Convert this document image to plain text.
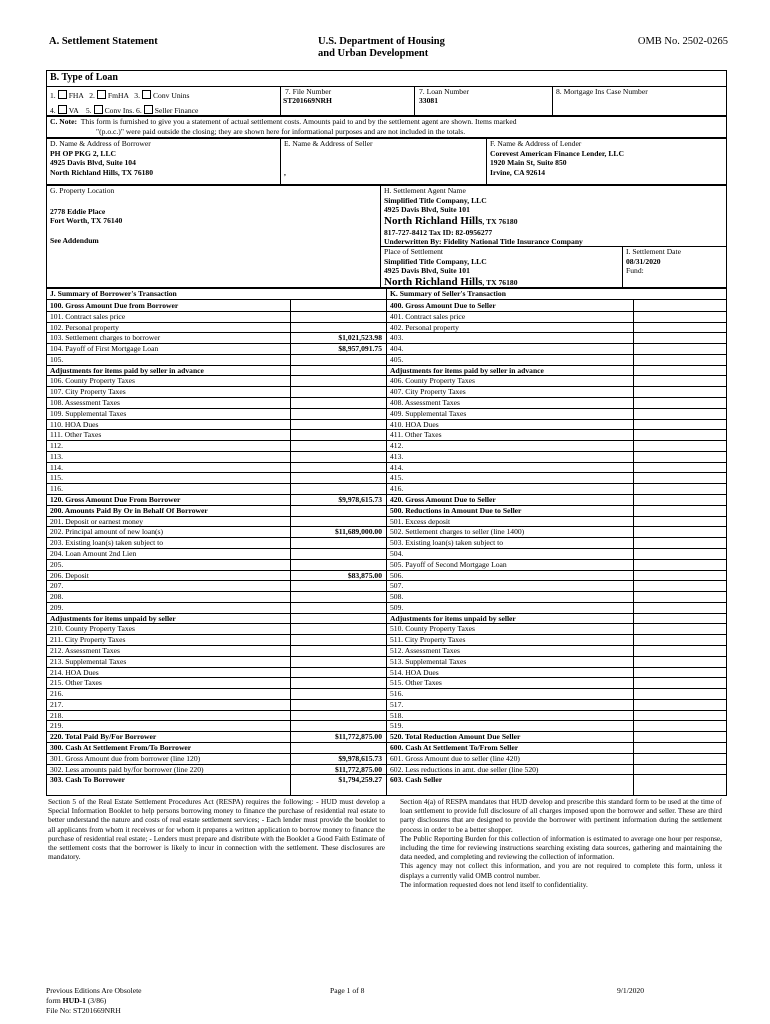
A. Settlement Statement	U.S. Department of Housing
and Urban Development
OMB No. 2502-0265
B. Type of Loan
1. FHA 2. FmHA 3. Conv Unins
4. VA 5. Conv Ins. 6. Seller Finance
7. File Number
ST201669NRH
7. Loan Number
33081
8. Mortgage Ins Case Number
C. Note: This form is furnished to give you a statement of actual settlement costs. Amounts paid to and by the settlement agent are shown. Items marked
"(p.o.c.)" were paid outside the closing; they are shown here for informational purposes and are not included in the totals.
D. Name & Address of Borrower
PH OP PKG 2, LLC
4925 Davis Blvd, Suite 104
North Richland Hills, TX 76180
E. Name & Address of Seller
,
F. Name & Address of Lender
Corevest American Finance Lender, LLC
1920 Main St, Suite 850
Irvine, CA 92614
G. Property Location
2778 Eddie Place
Fort Worth, TX 76140
See Addendum
H. Settlement Agent Name
Simplified Title Company, LLC
4925 Davis Blvd, Suite 101
North Richland Hills, TX 76180
817-727-8412 Tax ID: 82-0956277
Underwritten By: Fidelity National Title Insurance Company
Place of Settlement
Simplified Title Company, LLC
4925 Davis Blvd, Suite 101
North Richland Hills, TX 76180
I. Settlement Date
08/31/2020
Fund:
J. Summary of Borrower's Transaction	K. Summary of Seller's Transaction
100. Gross Amount Due from Borrower
101. Contract sales price
102. Personal property
103. Settlement charges to borrower	$1,021,523.98
104. Payoff of First Mortgage Loan	$8,957,091.75
105.
Adjustments for items paid by seller in advance
106. County Property Taxes
107. City Property Taxes
108. Assessment Taxes
109. Supplemental Taxes
110. HOA Dues
111. Other Taxes
112.
113.
114.
115.
116.
120. Gross Amount Due From Borrower	$9,978,615.73
200. Amounts Paid By Or in Behalf Of Borrower
201. Deposit or earnest money
202. Principal amount of new loan(s)	$11,689,000.00
203. Existing loan(s) taken subject to
204. Loan Amount 2nd Lien
205.
206. Deposit	$83,875.00
207.
208.
209.
Adjustments for items unpaid by seller
210. County Property Taxes
211. City Property Taxes
212. Assessment Taxes
213. Supplemental Taxes
214. HOA Dues
215. Other Taxes
216.
217.
218.
219.
220. Total Paid By/For Borrower	$11,772,875.00
300. Cash At Settlement From/To Borrower
301. Gross Amount due from borrower (line 120)	$9,978,615.73
302. Less amounts paid by/for borrower (line 220)	$11,772,875.00
303. Cash To Borrower	$1,794,259.27
400. Gross Amount Due to Seller
401. Contract sales price
402. Personal property
403.
404.
405.
Adjustments for items paid by seller in advance
406. County Property Taxes
407. City Property Taxes
408. Assessment Taxes
409. Supplemental Taxes
410. HOA Dues
411. Other Taxes
412.
413.
414.
415.
416.
420. Gross Amount Due to Seller
500. Reductions in Amount Due to Seller
501. Excess deposit
502. Settlement charges to seller (line 1400)
503. Existing loan(s) taken subject to
504.
505. Payoff of Second Mortgage Loan
506.
507.
508.
509.
Adjustments for items unpaid by seller
510. County Property Taxes
511. City Property Taxes
512. Assessment Taxes
513. Supplemental Taxes
514. HOA Dues
515. Other Taxes
516.
517.
518.
519.
520. Total Reduction Amount Due Seller
600. Cash At Settlement To/From Seller
601. Gross Amount due to seller (line 420)
602. Less reductions in amt. due seller (line 520)
603. Cash Seller
Section 5 of the Real Estate Settlement Procedures Act (RESPA) requires the following: - HUD must develop a Special Information Booklet to help persons borrowing money to finance the purchase of residential real estate to better understand the nature and costs of real estate settlement services; - Each lender must provide the booklet to all applicants from whom it receives or for whom it prepares a written application to borrow money to finance the purchase of residential real estate; - Lenders must prepare and distribute with the Booklet a Good Faith Estimate of the settlement costs that the borrower is likely to incur in connection with the settlement. These disclosures are mandatory.
Section 4(a) of RESPA mandates that HUD develop and prescribe this standard form to be used at the time of loan settlement to provide full disclosure of all charges imposed upon the borrower and seller. These are third party disclosures that are designed to provide the borrower with pertinent information during the settlement process in order to be a better shopper.
The Public Reporting Burden for this collection of information is estimated to average one hour per response, including the time for reviewing instructions searching existing data sources, gathering and maintaining the data needed, and completing and reviewing the collection of information.
This agency may not collect this information, and you are not required to complete this form, unless it displays a currently valid OMB control number.
The information requested does not lend itself to confidentiality.
Previous Editions Are Obsolete
form HUD-1 (3/86)
File No: ST201669NRH
Page 1 of 8	9/1/2020
